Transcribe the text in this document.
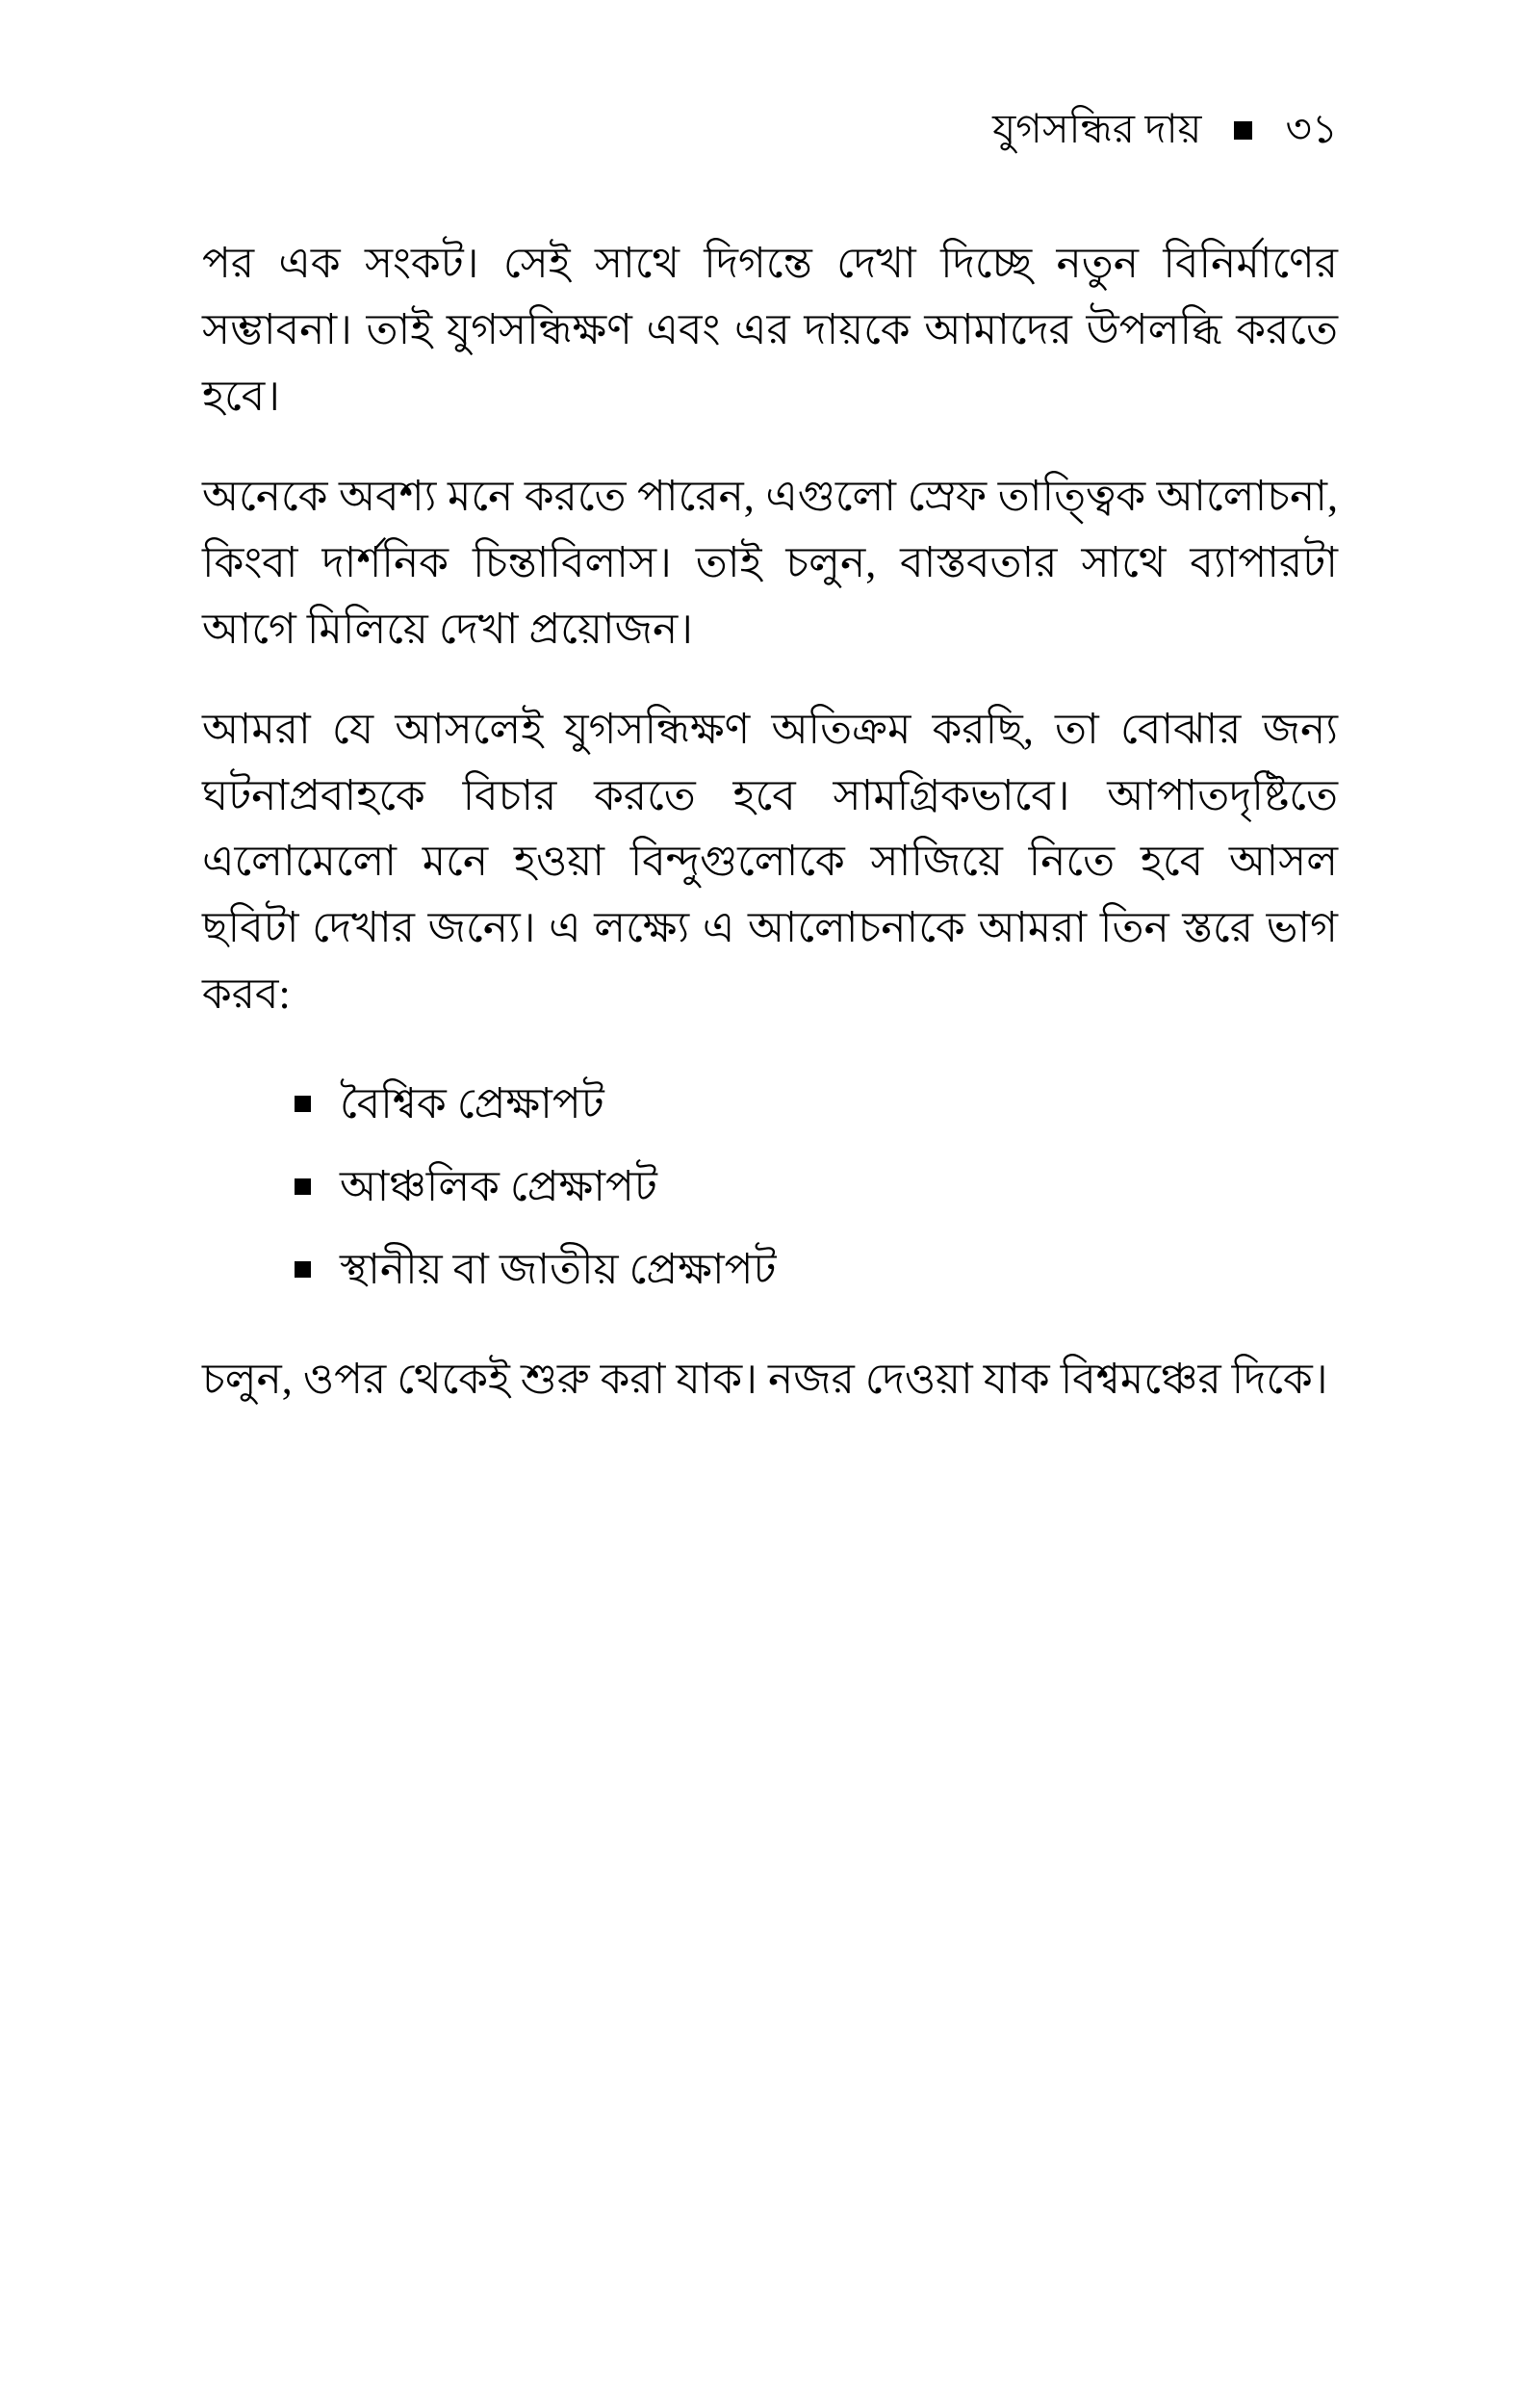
যুগসন্ধির দায় ৩১

পর এক সংকট। সেই সাথে দিগন্তে দেখা দিচ্ছে নতুন বিনির্মাণের সম্ভাবনা। তাই যুগসন্ধিক্ষণ এবং এর দায়কে আমাদের উপলব্ধি করতে হবে।

অনেকে অবশ্য মনে করতে পারেন, এগুলো স্রেফ তাত্ত্বিক আলোচনা, কিংবা দার্শনিক চিন্তাবিলাস। তাই চলুন, বাস্তবতার সাথে ব্যাপারটা আগে মিলিয়ে দেখা প্রয়োজন।

আমরা যে আসলেই যুগসন্ধিক্ষণ অতিক্রম করছি, তা বোঝার জন্য ঘটনাপ্রবাহকে বিচার করতে হবে সামগ্রিকভাবে। আপাতদৃষ্টিতে এলোমেলো মনে হওয়া বিন্দুগুলোকে সাজিয়ে নিতে হবে আসল ছবিটা দেখার জন্যে। এ লক্ষ্যে এ আলোচনাকে আমরা তিন স্তরে ভাগ করব:

বৈশ্বিক প্রেক্ষাপট
আঞ্চলিক প্রেক্ষাপট
স্থানীয় বা জাতীয় প্রেক্ষাপট

চলুন, ওপর থেকেই শুরু করা যাক। নজর দেওয়া যাক বিশ্বমঞ্চের দিকে।
